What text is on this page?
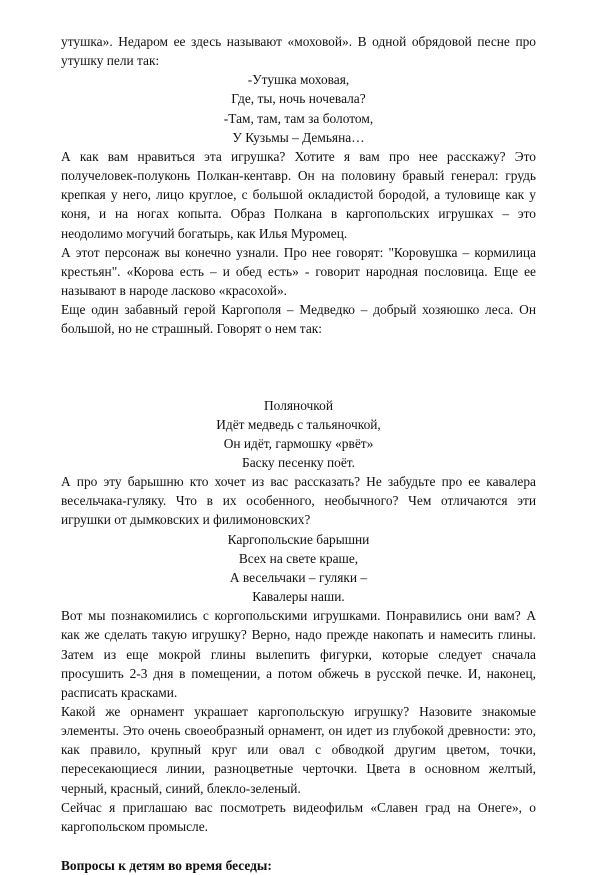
утушка». Недаром ее здесь называют «моховой». В одной обрядовой песне про утушку пели так:

-Утушка моховая,
Где, ты, ночь ночевала?
-Там, там, там за болотом,
У Кузьмы – Демьяна…

А как вам нравиться эта игрушка? Хотите я вам про нее расскажу? Это получеловек-полуконь Полкан-кентавр. Он на половину бравый генерал: грудь крепкая у него, лицо круглое, с большой окладистой бородой, а туловище как у коня, и на ногах копыта. Образ Полкана в каргопольских игрушках – это неодолимо могучий богатырь, как Илья Муромец.

А этот персонаж вы конечно узнали. Про нее говорят: "Коровушка – кормилица крестьян". «Корова есть – и обед есть» - говорит народная пословица. Еще ее называют в народе ласково «красохой».

Еще один забавный герой Каргополя – Медведко – добрый хозяюшко леса. Он большой, но не страшный. Говорят о нем так:

Поляночкой
Идёт медведь с тальяночкой,
Он идёт, гармошку «рвёт»
Баску песенку поёт.

А про эту барышню кто хочет из вас рассказать? Не забудьте про ее кавалера весельчака-гуляку. Что в их особенного, необычного? Чем отличаются эти игрушки от дымковских и филимоновских?

Каргопольские барышни
Всех на свете краше,
А весельчаки – гуляки –
Кавалеры наши.

Вот мы познакомились с коргопольскими игрушками. Понравились они вам? А как же сделать такую игрушку? Верно, надо прежде накопать и намесить глины. Затем из еще мокрой глины вылепить фигурки, которые следует сначала просушить 2-3 дня в помещении, а потом обжечь в русской печке. И, наконец, расписать красками.

Какой же орнамент украшает каргопольскую игрушку? Назовите знакомые элементы. Это очень своеобразный орнамент, он идет из глубокой древности: это, как правило, крупный круг или овал с обводкой другим цветом, точки, пересекающиеся линии, разноцветные черточки. Цвета в основном желтый, черный, красный, синий, блекло-зеленый.

Сейчас я приглашаю вас посмотреть видеофильм «Славен град на Онеге», о каргопольском промысле.

Вопросы к детям во время беседы:
